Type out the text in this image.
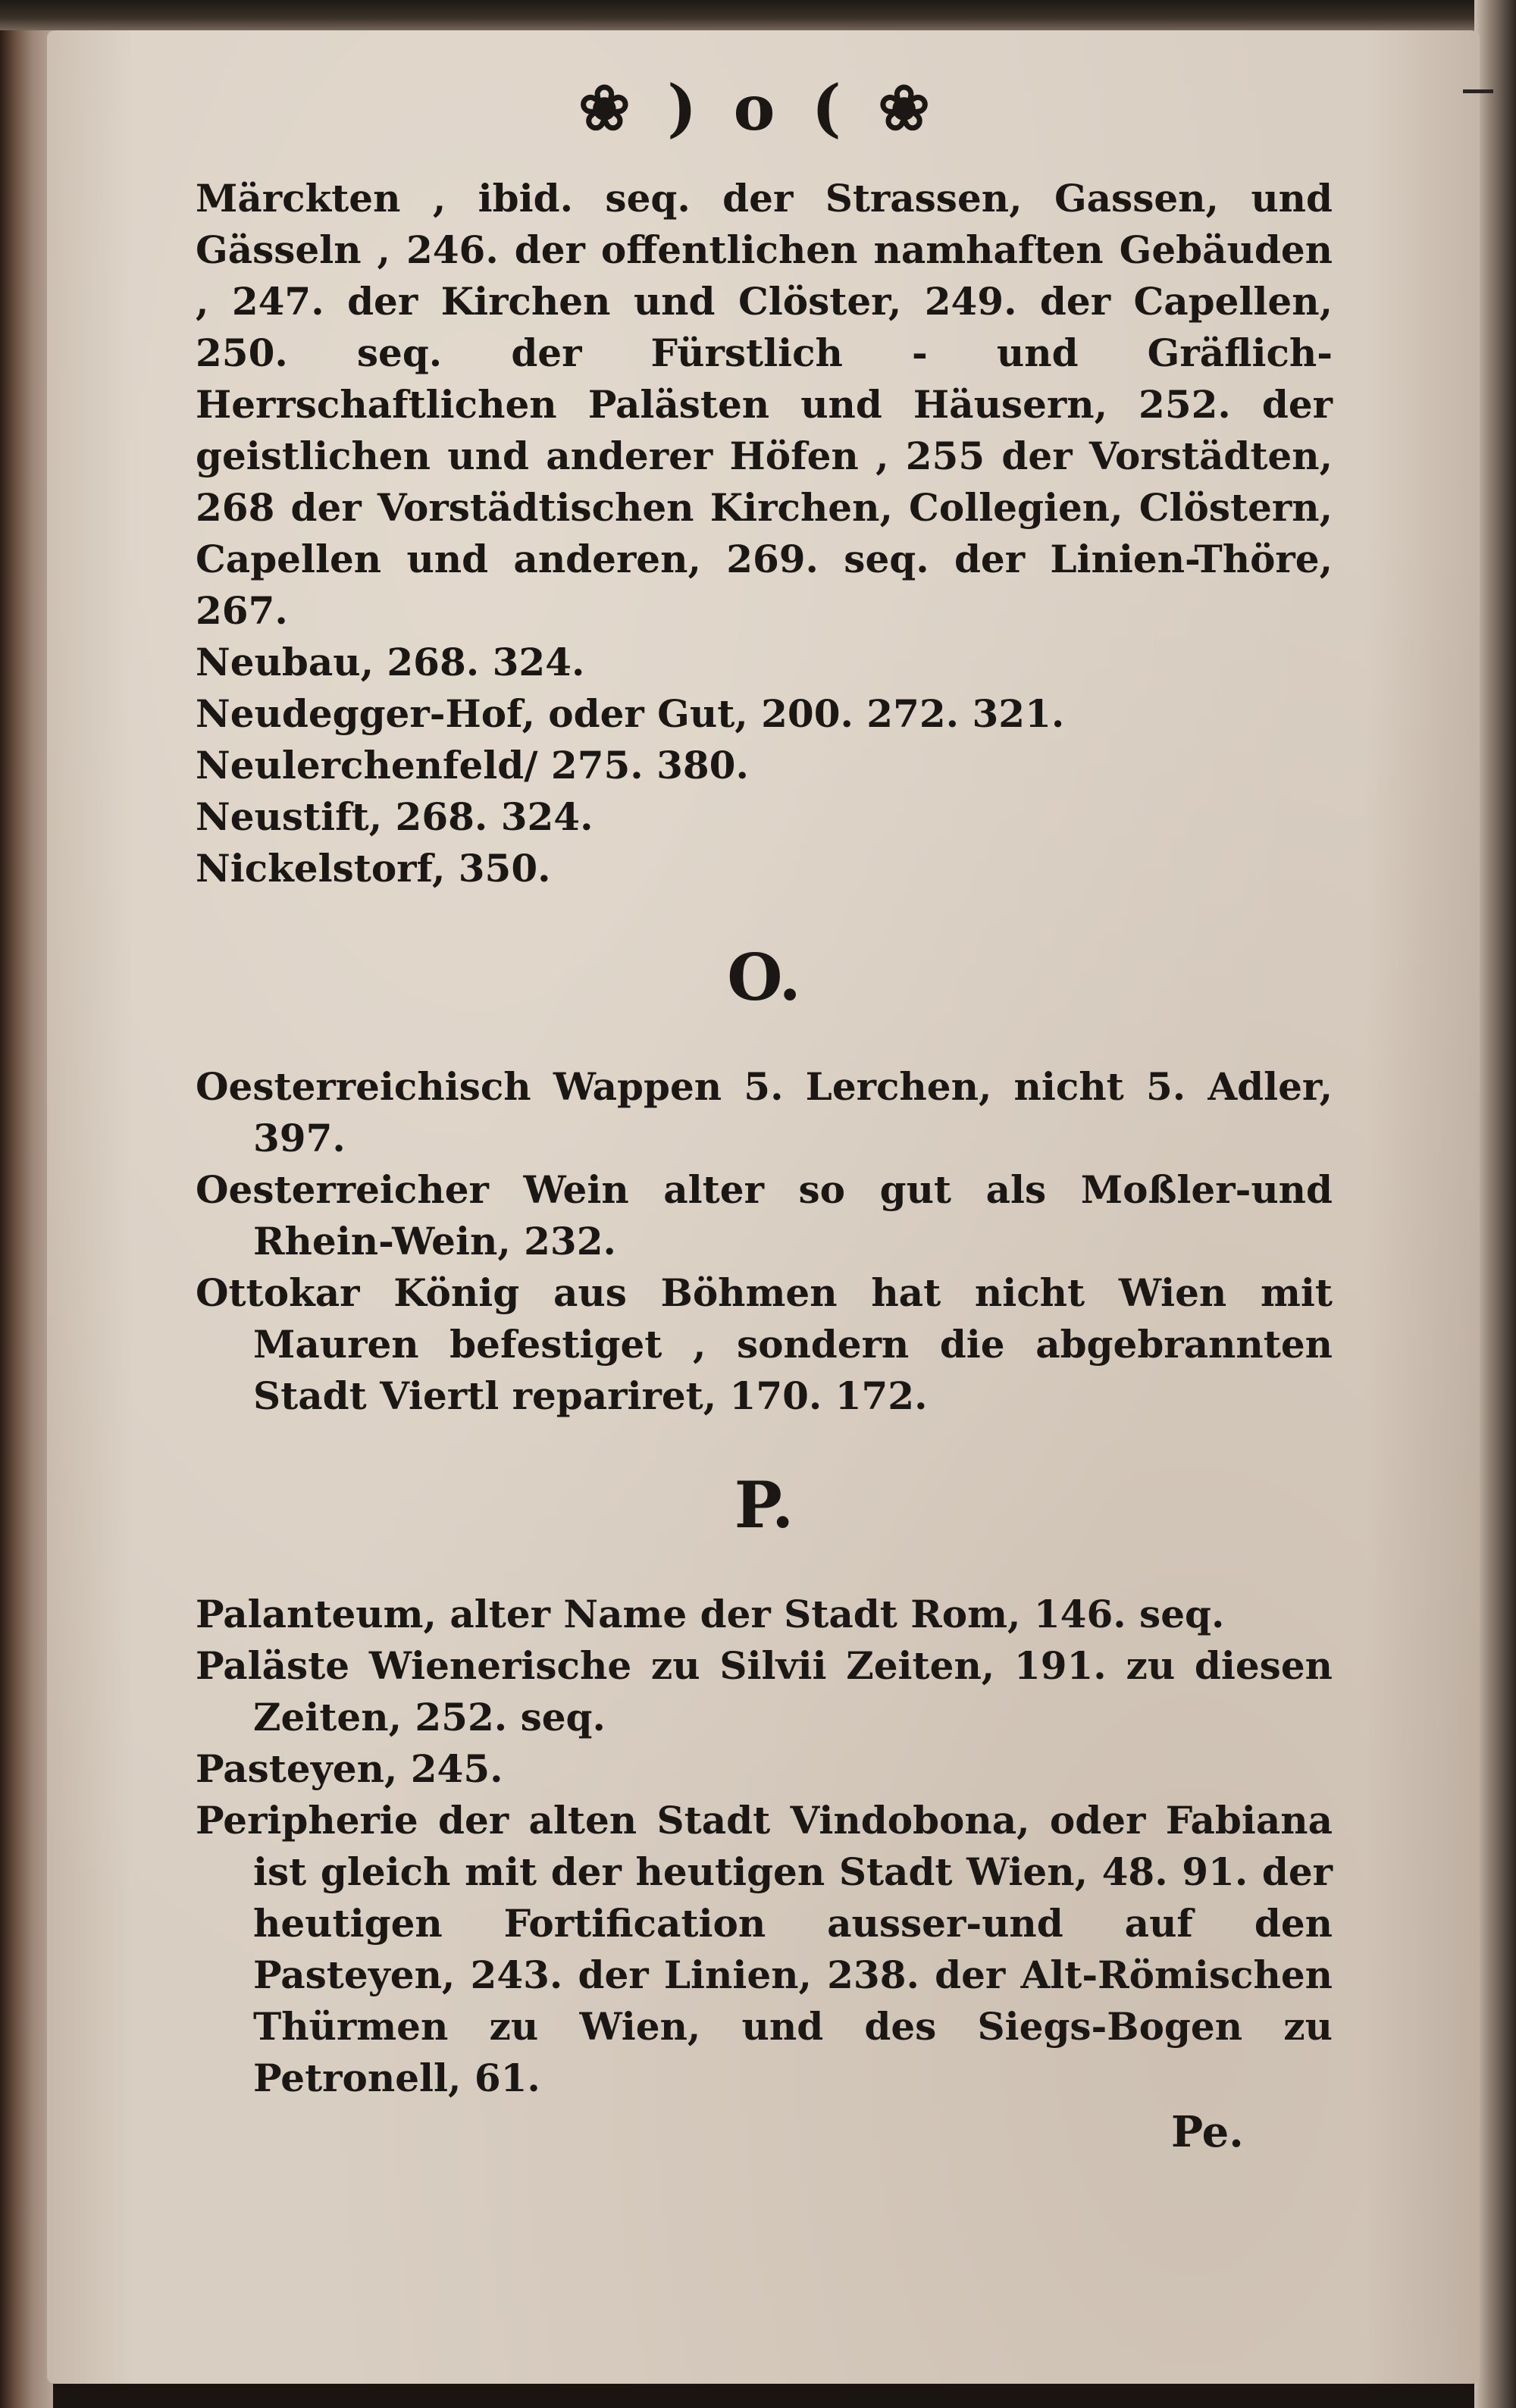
❀ ) o ( ❀

Märckten , ibid. seq. der Strassen, Gassen, und Gässeln , 246. der offentlichen namhaften Gebäuden , 247. der Kirchen und Clöster, 249. der Capellen, 250. seq. der Fürstlich - und Gräflich-Herrschaftlichen Palästen und Häusern, 252. der geistlichen und anderer Höfen , 255 der Vorstädten, 268 der Vorstädtischen Kirchen, Collegien, Clöstern, Capellen und anderen, 269. seq. der Linien-Thöre, 267.

Neubau, 268. 324.

Neudegger-Hof, oder Gut, 200. 272. 321.

Neulerchenfeld/ 275. 380.

Neustift, 268. 324.

Nickelstorf, 350.

O.

Oesterreichisch Wappen 5. Lerchen, nicht 5. Adler, 397.

Oesterreicher Wein alter so gut als Moßler-und Rhein-Wein, 232.

Ottokar König aus Böhmen hat nicht Wien mit Mauren befestiget , sondern die abgebrannten Stadt Viertl repariret, 170. 172.

P.

Palanteum, alter Name der Stadt Rom, 146. seq.

Paläste Wienerische zu Silvii Zeiten, 191. zu diesen Zeiten, 252. seq.

Pasteyen, 245.

Peripherie der alten Stadt Vindobona, oder Fabiana ist gleich mit der heutigen Stadt Wien, 48. 91. der heutigen Fortification ausser-und auf den Pasteyen, 243. der Linien, 238. der Alt-Römischen Thürmen zu Wien, und des Siegs-Bogen zu Petronell, 61.

Pe.
